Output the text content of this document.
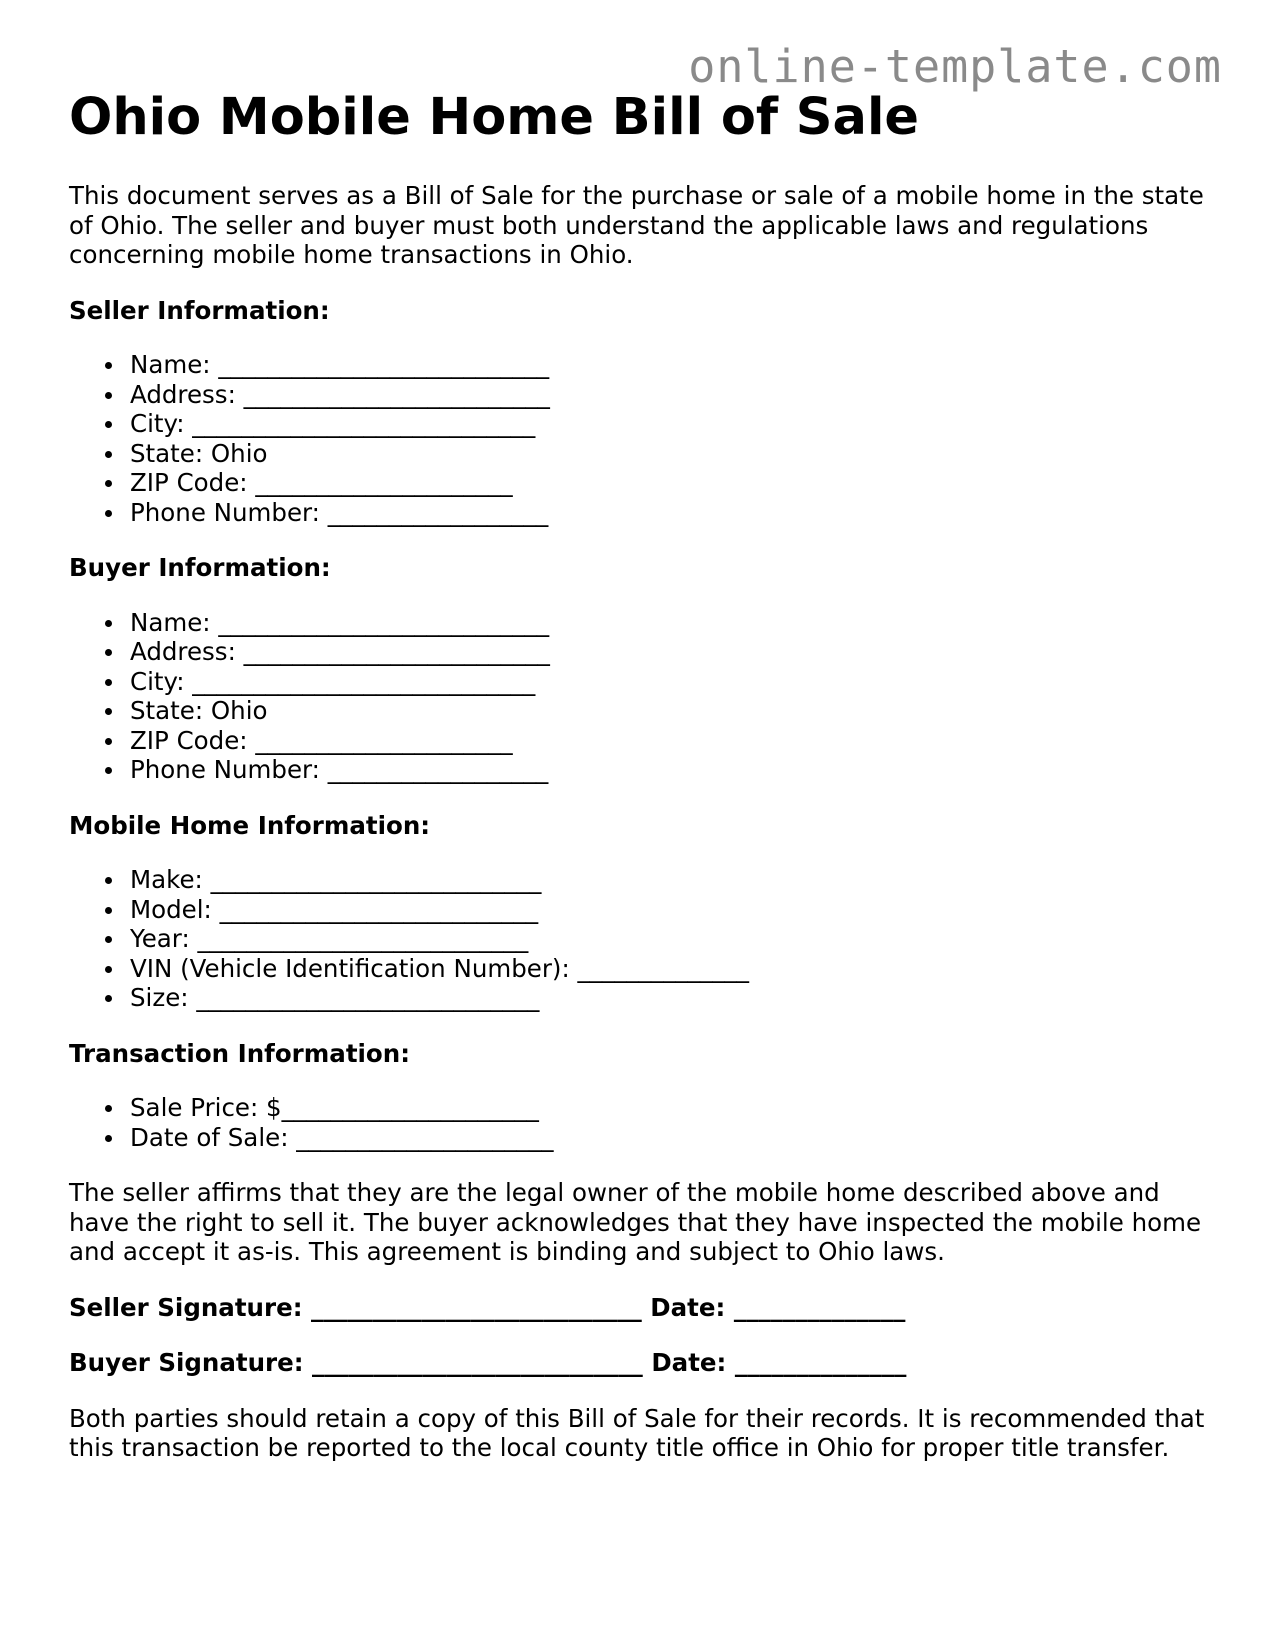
online-template.com
Ohio Mobile Home Bill of Sale

This document serves as a Bill of Sale for the purchase or sale of a mobile home in the state of Ohio. The seller and buyer must both understand the applicable laws and regulations concerning mobile home transactions in Ohio.

Seller Information:
Name: ___________________________
Address: _________________________
City: ____________________________
State: Ohio
ZIP Code: _____________________
Phone Number: __________________
Buyer Information:
Name: ___________________________
Address: _________________________
City: ____________________________
State: Ohio
ZIP Code: _____________________
Phone Number: __________________
Mobile Home Information:
Make: ___________________________
Model: __________________________
Year: ___________________________
VIN (Vehicle Identification Number): ______________
Size: ____________________________
Transaction Information:
Sale Price: $_____________________
Date of Sale: _____________________

The seller affirms that they are the legal owner of the mobile home described above and have the right to sell it. The buyer acknowledges that they have inspected the mobile home and accept it as-is. This agreement is binding and subject to Ohio laws.

Seller Signature: ___________________________ Date: ______________
Buyer Signature: ___________________________ Date: ______________

Both parties should retain a copy of this Bill of Sale for their records. It is recommended that this transaction be reported to the local county title office in Ohio for proper title transfer.
